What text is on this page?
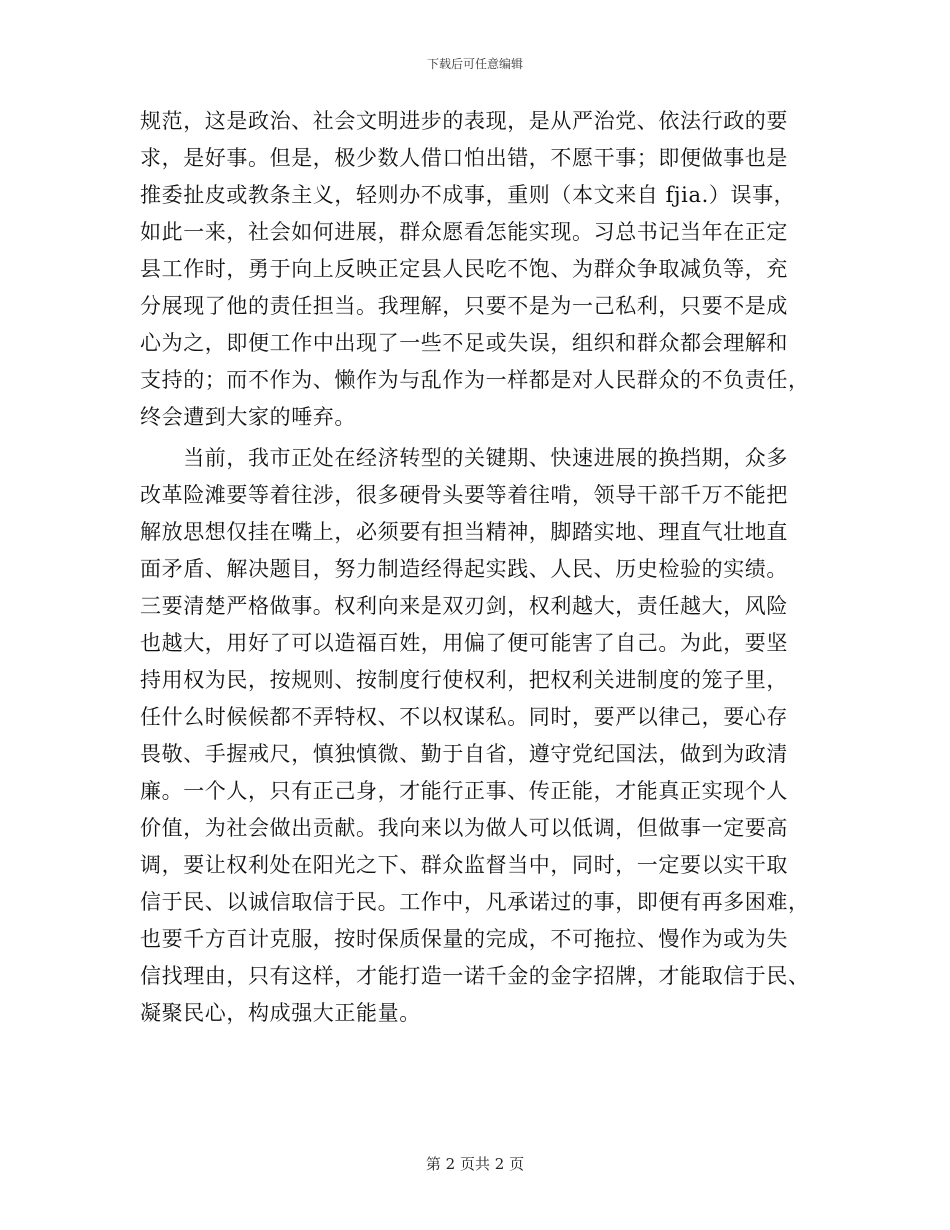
下载后可任意编辑

规范，这是政治、社会文明进步的表现，是从严治党、依法行政的要
求，是好事。但是，极少数人借口怕出错，不愿干事；即便做事也是
推委扯皮或教条主义，轻则办不成事，重则（本文来自 fjia.）误事，
如此一来，社会如何进展，群众愿看怎能实现。习总书记当年在正定
县工作时，勇于向上反映正定县人民吃不饱、为群众争取减负等，充
分展现了他的责任担当。我理解，只要不是为一己私利，只要不是成
心为之，即便工作中出现了一些不足或失误，组织和群众都会理解和
支持的；而不作为、懒作为与乱作为一样都是对人民群众的不负责任，
终会遭到大家的唾弃。

　　当前，我市正处在经济转型的关键期、快速进展的换挡期，众多
改革险滩要等着往涉，很多硬骨头要等着往啃，领导干部千万不能把
解放思想仅挂在嘴上，必须要有担当精神，脚踏实地、理直气壮地直
面矛盾、解决题目，努力制造经得起实践、人民、历史检验的实绩。
三要清楚严格做事。权利向来是双刃剑，权利越大，责任越大，风险
也越大，用好了可以造福百姓，用偏了便可能害了自己。为此，要坚
持用权为民，按规则、按制度行使权利，把权利关进制度的笼子里，
任什么时候候都不弄特权、不以权谋私。同时，要严以律己，要心存
畏敬、手握戒尺，慎独慎微、勤于自省，遵守党纪国法，做到为政清
廉。一个人，只有正己身，才能行正事、传正能，才能真正实现个人
价值，为社会做出贡献。我向来以为做人可以低调，但做事一定要高
调，要让权利处在阳光之下、群众监督当中，同时，一定要以实干取
信于民、以诚信取信于民。工作中，凡承诺过的事，即便有再多困难，
也要千方百计克服，按时保质保量的完成，不可拖拉、慢作为或为失
信找理由，只有这样，才能打造一诺千金的金字招牌，才能取信于民、
凝聚民心，构成强大正能量。

第 2 页共 2 页
